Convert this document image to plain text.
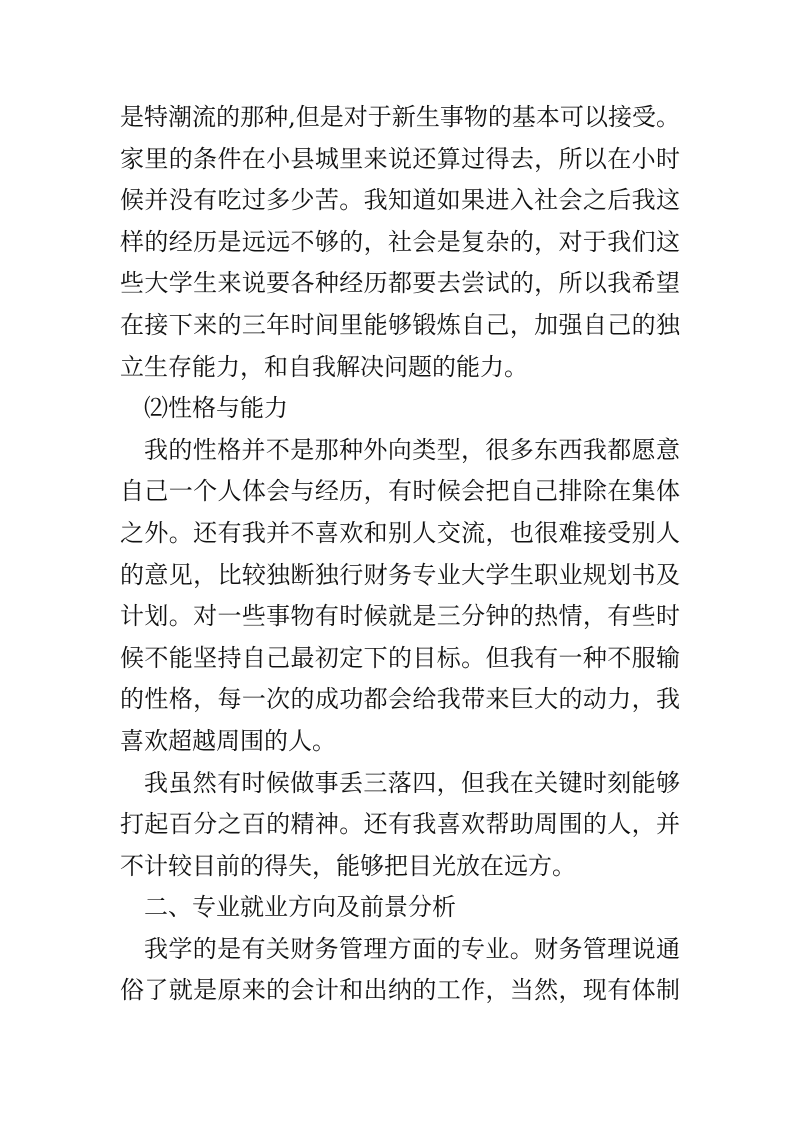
是特潮流的那种,但是对于新生事物的基本可以接受。
家里的条件在小县城里来说还算过得去，所以在小时
候并没有吃过多少苦。我知道如果进入社会之后我这
样的经历是远远不够的，社会是复杂的，对于我们这
些大学生来说要各种经历都要去尝试的，所以我希望
在接下来的三年时间里能够锻炼自己，加强自己的独
立生存能力，和自我解决问题的能力。
⑵性格与能力
我的性格并不是那种外向类型，很多东西我都愿意
自己一个人体会与经历，有时候会把自己排除在集体
之外。还有我并不喜欢和别人交流，也很难接受别人
的意见，比较独断独行财务专业大学生职业规划书及
计划。对一些事物有时候就是三分钟的热情，有些时
候不能坚持自己最初定下的目标。但我有一种不服输
的性格，每一次的成功都会给我带来巨大的动力，我
喜欢超越周围的人。
我虽然有时候做事丢三落四，但我在关键时刻能够
打起百分之百的精神。还有我喜欢帮助周围的人，并
不计较目前的得失，能够把目光放在远方。
二、专业就业方向及前景分析
我学的是有关财务管理方面的专业。财务管理说通
俗了就是原来的会计和出纳的工作，当然，现有体制
